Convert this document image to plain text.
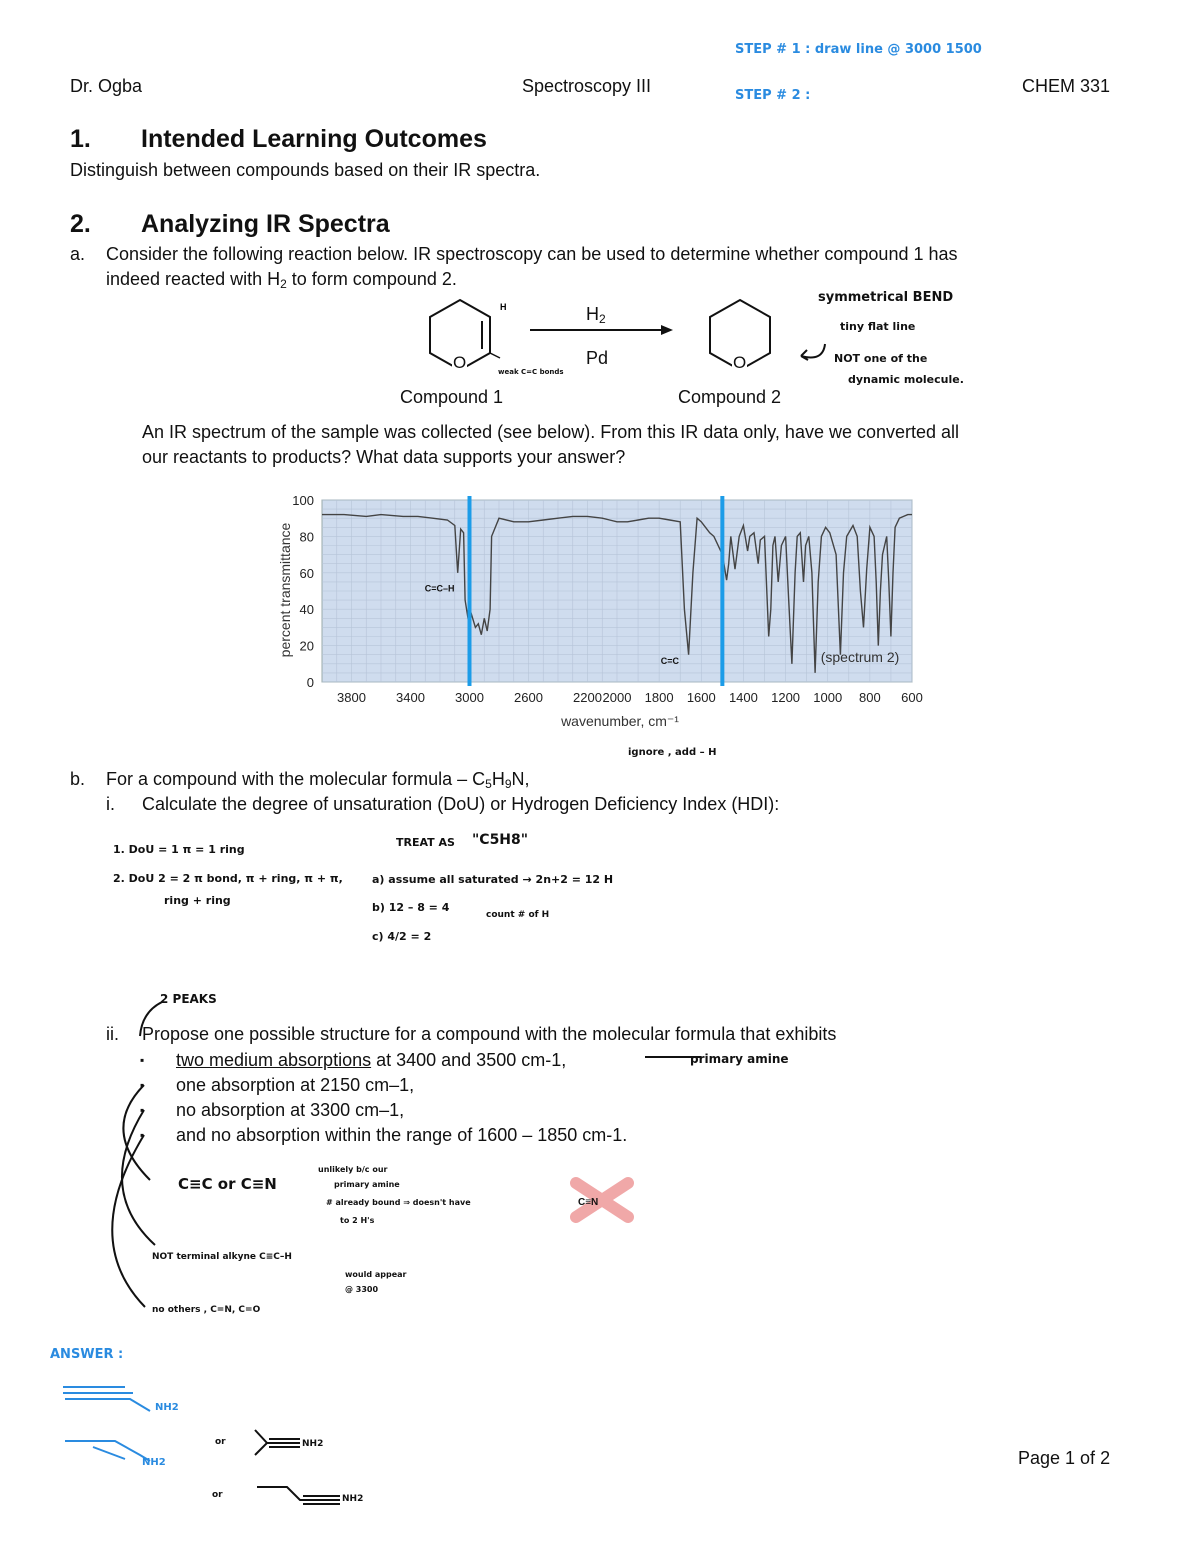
Dr. Ogba	Spectroscopy III	CHEM 331
STEP # 1 : draw line @ 3000 1500
STEP # 2 :
1. Intended Learning Outcomes
Distinguish between compounds based on their IR spectra.
2. Analyzing IR Spectra
a. Consider the following reaction below. IR spectroscopy can be used to determine whether compound 1 has
indeed reacted with $H_2$ to form compound 2.
H
O	O
$H_2$
Pd
Compound 1	Compound 2
weak C=C bonds
symmetrical BEND
tiny flat line
NOT one of the
dynamic molecule.
An IR spectrum of the sample was collected (see below). From this IR data only, have we converted all
our reactants to products? What data supports your answer?
0
20
40
60
80
100
3800 3400 3000 2600 2200 2000 1800 1600 1400 1200 1000 800 600
percent transmittance
wavenumber, cm⁻¹
(spectrum 2)
C=C–H
C=C
ignore , add – H
b. For a compound with the molecular formula – $C_5H_9N$,
i. Calculate the degree of unsaturation (DoU) or Hydrogen Deficiency Index (HDI):
TREAT AS "C5H8"
1. DoU = 1 π = 1 ring
2. DoU 2 = 2 π bond, π + ring, π + π,
ring + ring
a) assume all saturated → 2n+2 = 12 H
b) 12 – 8 = 4
count # of H
c) 4/2 = 2
2 PEAKS
ii. Propose one possible structure for a compound with the molecular formula that exhibits
▪ two medium absorptions at 3400 and 3500 cm-1,
▪ one absorption at 2150 cm–1,
▪ no absorption at 3300 cm–1,
▪ and no absorption within the range of 1600 – 1850 cm-1.
primary amine
C≡C or C≡N
unlikely b/c our
primary amine
# already bound ⇒ doesn't have
to 2 H's
C≡N
NOT terminal alkyne C≡C–H
would appear
@ 3300
no others , C=N, C=O
ANSWER :
NH2
NH2
or	NH2
or	NH2
Page 1 of 2
